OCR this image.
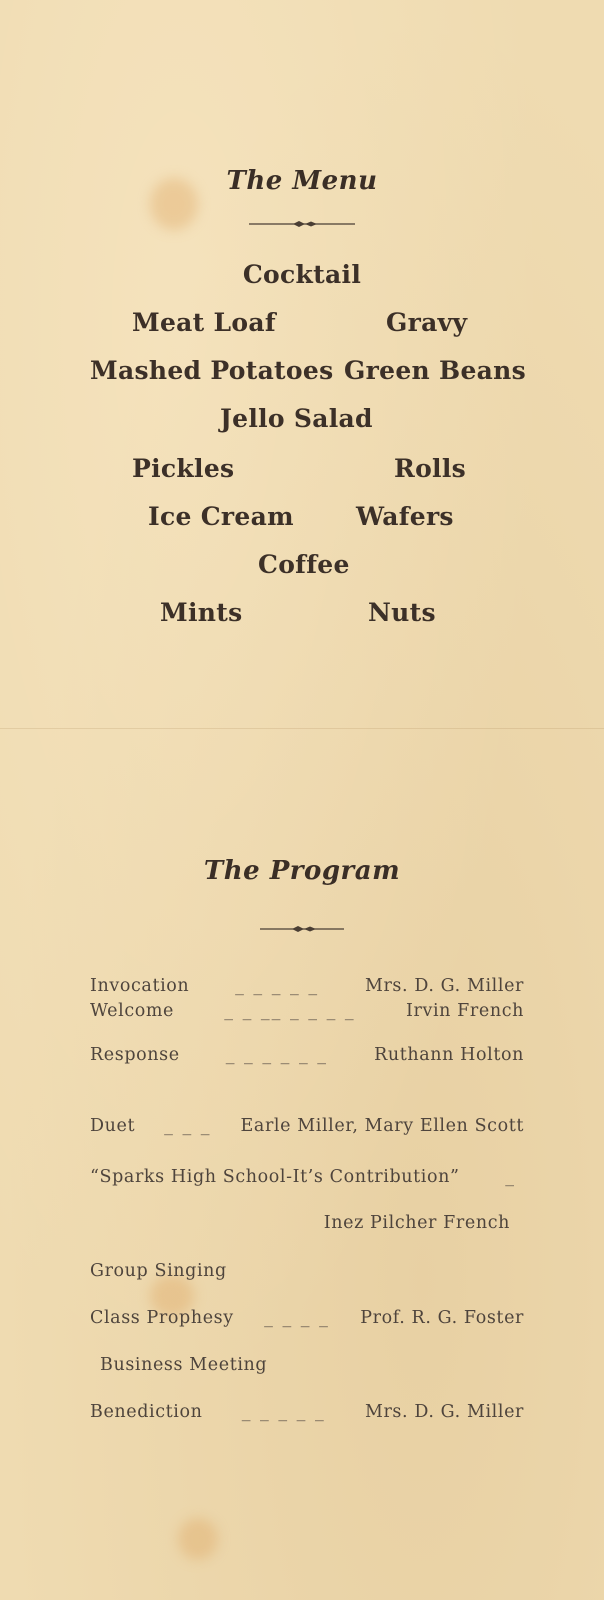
The Menu
Cocktail
Meat Loaf	Gravy
Mashed Potatoes Green Beans
Jello Salad
Pickles	Rolls
Ice Cream Wafers
Coffee
Mints	Nuts
The Program
Invocation	_ _ _ _ _	Mrs. D. G. Miller
Welcome	_ _ __ _ _ _ _	Irvin French
Response	_ _ _ _ _ _	Ruthann Holton
Duet	_ _ _	Earle Miller, Mary Ellen Scott
“Sparks High School-It’s Contribution”	_
Inez Pilcher French
Group Singing
Class Prophesy	_ _ _ _	Prof. R. G. Foster
Business Meeting
Benediction	_ _ _ _ _	Mrs. D. G. Miller
